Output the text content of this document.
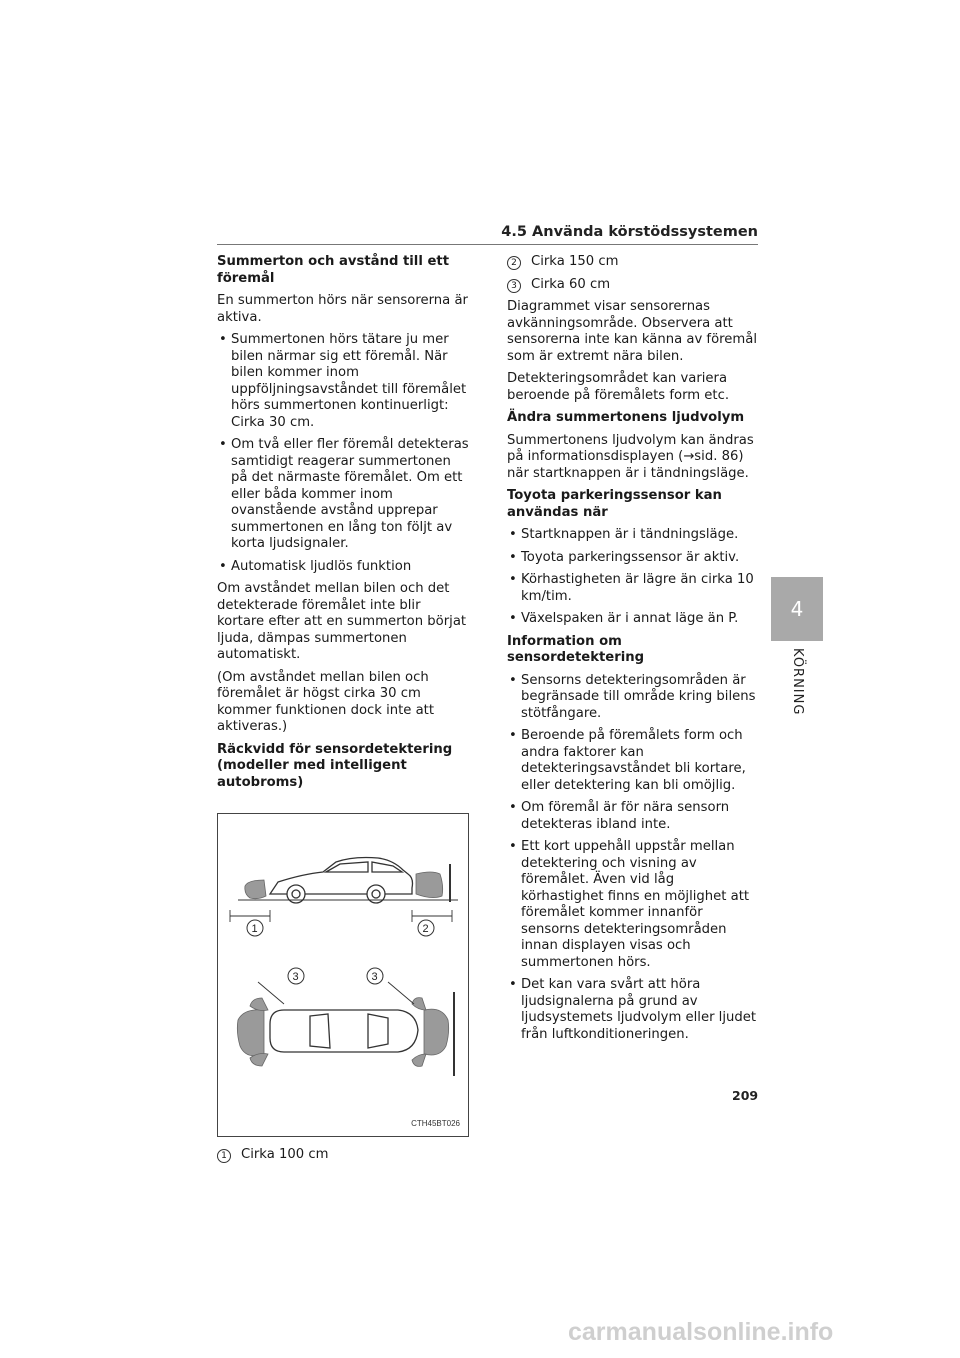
4.5 Använda körstödssystemen
Summerton och avstånd till ett föremål

En summerton hörs när sensorerna är aktiva.

• Summertonen hörs tätare ju mer bilen närmar sig ett föremål. När bilen kommer inom uppföljningsavståndet till föremålet hörs summertonen kontinuerligt: Cirka 30 cm.
• Om två eller fler föremål detekteras samtidigt reagerar summertonen på det närmaste föremålet. Om ett eller båda kommer inom ovanstående avstånd upprepar summertonen en lång ton följt av korta ljudsignaler.
• Automatisk ljudlös funktion

Om avståndet mellan bilen och det detekterade föremålet inte blir kortare efter att en summerton börjat ljuda, dämpas summertonen automatiskt.

(Om avståndet mellan bilen och föremålet är högst cirka 30 cm kommer funktionen dock inte att aktiveras.)

Räckvidd för sensordetektering (modeller med intelligent autobroms)
1	2
3	3
CTH45BT026
1	Cirka 100 cm
2	Cirka 150 cm
3	Cirka 60 cm

Diagrammet visar sensorernas avkänningsområde. Observera att sensorerna inte kan känna av föremål som är extremt nära bilen.

Detekteringsområdet kan variera beroende på föremålets form etc.

Ändra summertonens ljudvolym

Summertonens ljudvolym kan ändras på informationsdisplayen (→sid. 86) när startknappen är i tändningsläge.

Toyota parkeringssensor kan användas när
• Startknappen är i tändningsläge.
• Toyota parkeringssensor är aktiv.
• Körhastigheten är lägre än cirka 10 km/tim.
• Växelspaken är i annat läge än P.
Information om sensordetektering
• Sensorns detekteringsområden är begränsade till område kring bilens stötfångare.
• Beroende på föremålets form och andra faktorer kan detekteringsavståndet bli kortare, eller detektering kan bli omöjlig.
• Om föremål är för nära sensorn detekteras ibland inte.
• Ett kort uppehåll uppstår mellan detektering och visning av föremålet. Även vid låg körhastighet finns en möjlighet att föremålet kommer innanför sensorns detekteringsområden innan displayen visas och summertonen hörs.
• Det kan vara svårt att höra ljudsignalerna på grund av ljudsystemets ljudvolym eller ljudet från luftkonditioneringen.
4
KÖRNING
209
carmanualsonline.info
